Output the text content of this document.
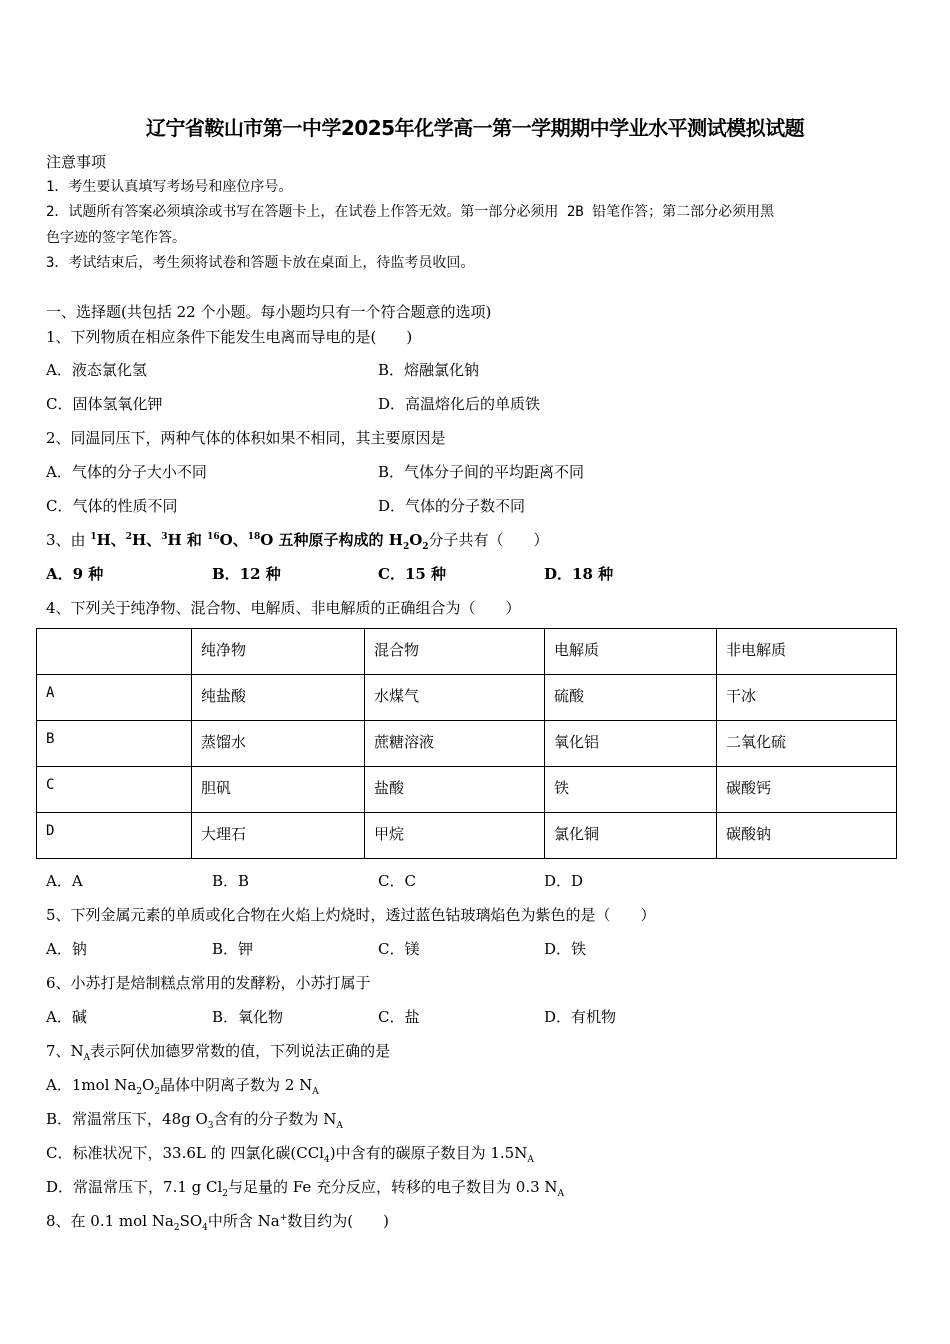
辽宁省鞍山市第一中学2025年化学高一第一学期期中学业水平测试模拟试题
注意事项
1．考生要认真填写考场号和座位序号。
2．试题所有答案必须填涂或书写在答题卡上，在试卷上作答无效。第一部分必须用 2B 铅笔作答；第二部分必须用黑
色字迹的签字笔作答。
3．考试结束后，考生须将试卷和答题卡放在桌面上，待监考员收回。
一、选择题(共包括 22 个小题。每小题均只有一个符合题意的选项)
1、下列物质在相应条件下能发生电离而导电的是(　　)
A．液态氯化氢	B．熔融氯化钠
C．固体氢氧化钾	D．高温熔化后的单质铁
2、同温同压下，两种气体的体积如果不相同，其主要原因是
A．气体的分子大小不同	B．气体分子间的平均距离不同
C．气体的性质不同	D．气体的分子数不同
3、由 $^1$H、$^2$H、$^3$H 和 $^{16}$O、$^{18}$O 五种原子构成的 $H_2O_2$分子共有（　　）
A．9 种	B．12 种	C．15 种	D．18 种
4、下列关于纯净物、混合物、电解质、非电解质的正确组合为（　　）
	纯净物	混合物	电解质	非电解质
A	纯盐酸	水煤气	硫酸	干冰
B	蒸馏水	蔗糖溶液	氧化铝	二氧化硫
C	胆矾	盐酸	铁	碳酸钙
D	大理石	甲烷	氯化铜	碳酸钠
A．A	B．B	C．C	D．D
5、下列金属元素的单质或化合物在火焰上灼烧时，透过蓝色钴玻璃焰色为紫色的是（　　）
A．钠	B．钾	C．镁	D．铁
6、小苏打是焙制糕点常用的发酵粉，小苏打属于
A．碱	B．氧化物	C．盐	D．有机物
7、$N_A$表示阿伏加德罗常数的值，下列说法正确的是
A．1mol $Na_2O_2$晶体中阴离子数为 2 $N_A$
B．常温常压下，48g $O_3$含有的分子数为 $N_A$
C．标准状况下，33.6L 的 四氯化碳(CCl$_4$)中含有的碳原子数目为 $1.5N_A$
D．常温常压下，7.1 g $Cl_2$与足量的 Fe 充分反应，转移的电子数目为 0.3 $N_A$
8、在 0.1 mol $Na_2SO_4$中所含 Na+数目约为(　　)
